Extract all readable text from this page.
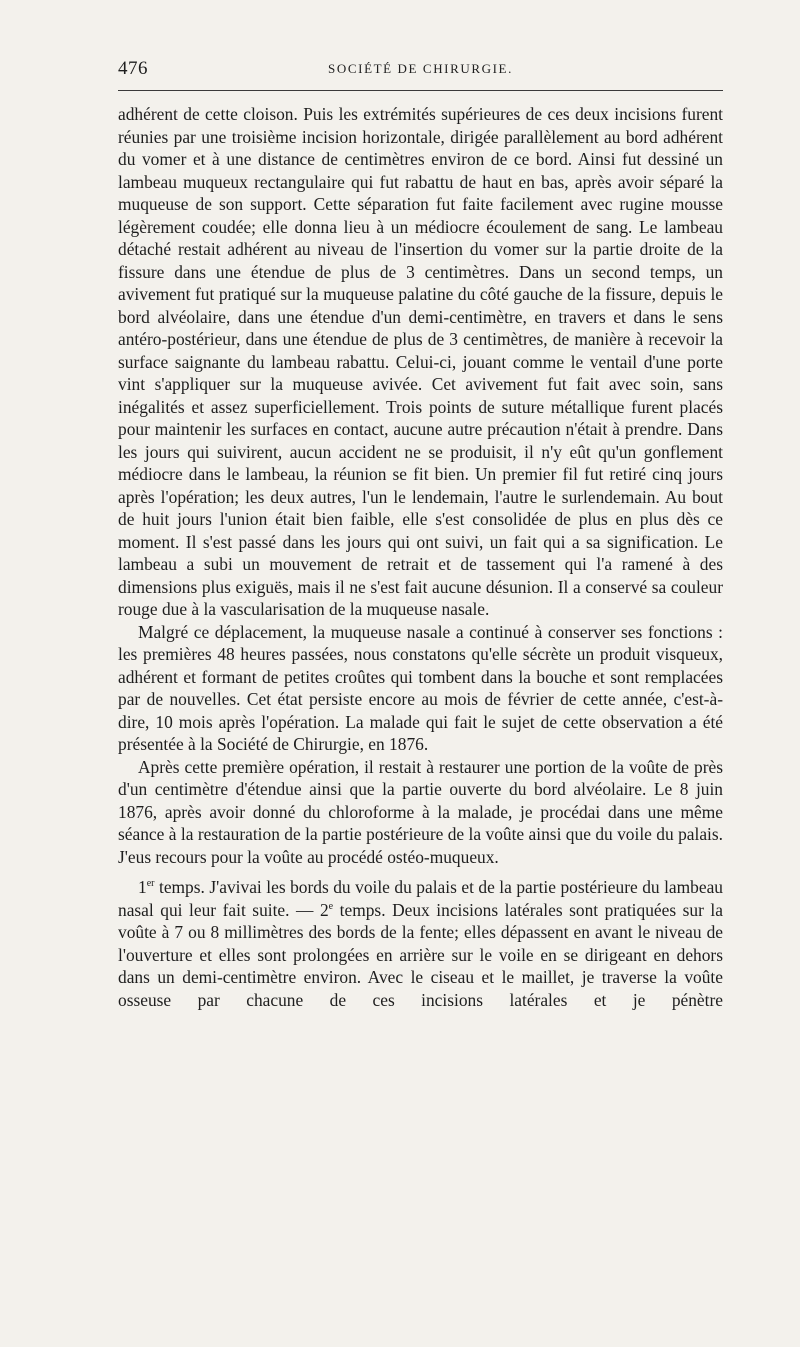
476	SOCIÉTÉ DE CHIRURGIE.

adhérent de cette cloison. Puis les extrémités supérieures de ces deux incisions furent réunies par une troisième incision horizontale, dirigée parallèlement au bord adhérent du vomer et à une distance de centimètres environ de ce bord. Ainsi fut dessiné un lambeau muqueux rectangulaire qui fut rabattu de haut en bas, après avoir séparé la muqueuse de son support. Cette séparation fut faite facilement avec rugine mousse légèrement coudée; elle donna lieu à un médiocre écoulement de sang. Le lambeau détaché restait adhérent au niveau de l'insertion du vomer sur la partie droite de la fissure dans une étendue de plus de 3 centimètres. Dans un second temps, un avivement fut pratiqué sur la muqueuse palatine du côté gauche de la fissure, depuis le bord alvéolaire, dans une étendue d'un demi-centimètre, en travers et dans le sens antéro-postérieur, dans une étendue de plus de 3 centimètres, de manière à recevoir la surface saignante du lambeau rabattu. Celui-ci, jouant comme le ventail d'une porte vint s'appliquer sur la muqueuse avivée. Cet avivement fut fait avec soin, sans inégalités et assez superficiellement. Trois points de suture métallique furent placés pour maintenir les surfaces en contact, aucune autre précaution n'était à prendre. Dans les jours qui suivirent, aucun accident ne se produisit, il n'y eût qu'un gonflement médiocre dans le lambeau, la réunion se fit bien. Un premier fil fut retiré cinq jours après l'opération; les deux autres, l'un le lendemain, l'autre le surlendemain. Au bout de huit jours l'union était bien faible, elle s'est consolidée de plus en plus dès ce moment. Il s'est passé dans les jours qui ont suivi, un fait qui a sa signification. Le lambeau a subi un mouvement de retrait et de tassement qui l'a ramené à des dimensions plus exiguës, mais il ne s'est fait aucune désunion. Il a conservé sa couleur rouge due à la vascularisation de la muqueuse nasale.

Malgré ce déplacement, la muqueuse nasale a continué à conserver ses fonctions : les premières 48 heures passées, nous constatons qu'elle sécrète un produit visqueux, adhérent et formant de petites croûtes qui tombent dans la bouche et sont remplacées par de nouvelles. Cet état persiste encore au mois de février de cette année, c'est-à-dire, 10 mois après l'opération. La malade qui fait le sujet de cette observation a été présentée à la Société de Chirurgie, en 1876.

Après cette première opération, il restait à restaurer une portion de la voûte de près d'un centimètre d'étendue ainsi que la partie ouverte du bord alvéolaire. Le 8 juin 1876, après avoir donné du chloroforme à la malade, je procédai dans une même séance à la restauration de la partie postérieure de la voûte ainsi que du voile du palais. J'eus recours pour la voûte au procédé ostéo-muqueux.

1er temps. J'avivai les bords du voile du palais et de la partie postérieure du lambeau nasal qui leur fait suite. — 2e temps. Deux incisions latérales sont pratiquées sur la voûte à 7 ou 8 millimètres des bords de la fente; elles dépassent en avant le niveau de l'ouverture et elles sont prolongées en arrière sur le voile en se dirigeant en dehors dans un demi-centimètre environ. Avec le ciseau et le maillet, je traverse la voûte osseuse par chacune de ces incisions latérales et je pénètre
